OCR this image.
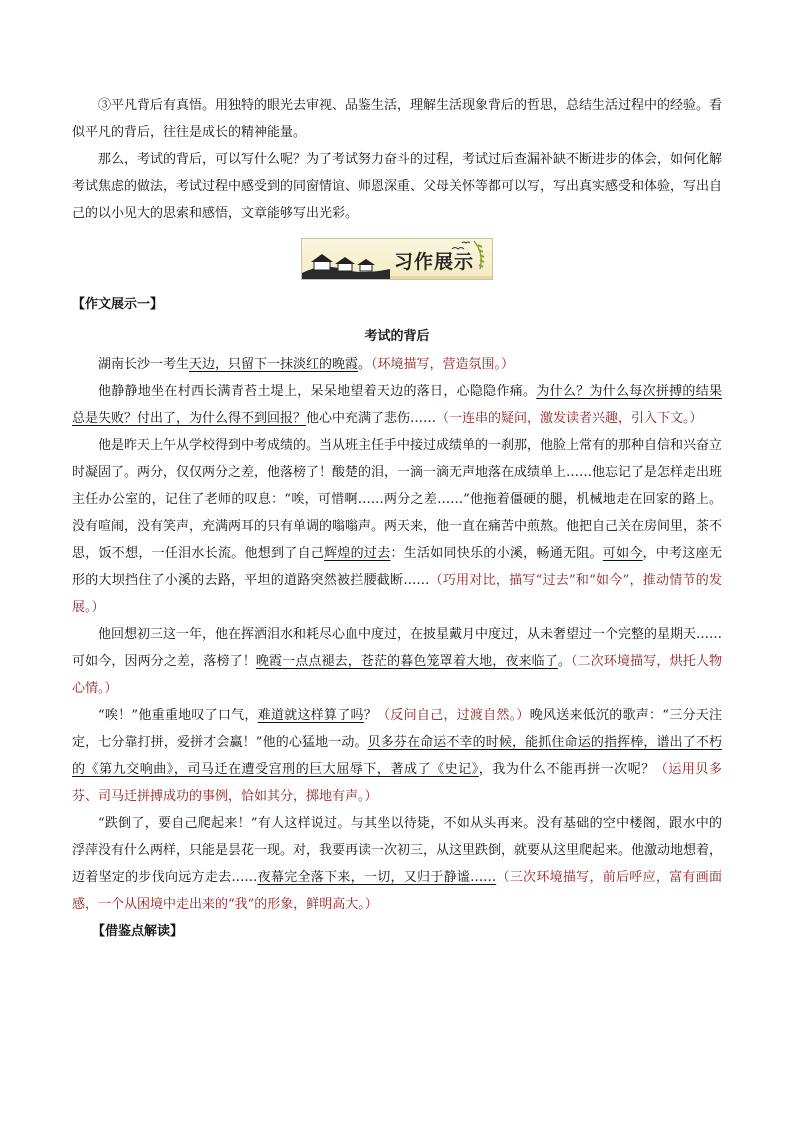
③平凡背后有真悟。用独特的眼光去审视、品鉴生活，理解生活现象背后的哲思，总结生活过程中的经验。看似平凡的背后，往往是成长的精神能量。

那么，考试的背后，可以写什么呢？为了考试努力奋斗的过程，考试过后查漏补缺不断进步的体会，如何化解考试焦虑的做法，考试过程中感受到的同窗情谊、师恩深重、父母关怀等都可以写，写出真实感受和体验，写出自己的以小见大的思索和感悟，文章能够写出光彩。

习作展示

【作文展示一】

考试的背后

湖南长沙一考生天边，只留下一抹淡红的晚霞。（环境描写，营造氛围。）

他静静地坐在村西长满青苔土堤上，呆呆地望着天边的落日，心隐隐作痛。为什么？为什么每次拼搏的结果总是失败？付出了，为什么得不到回报？他心中充满了悲伤……（一连串的疑问，激发读者兴趣，引入下文。）

他是昨天上午从学校得到中考成绩的。当从班主任手中接过成绩单的一刹那，他脸上常有的那种自信和兴奋立时凝固了。两分，仅仅两分之差，他落榜了！酸楚的泪，一滴一滴无声地落在成绩单上……他忘记了是怎样走出班主任办公室的，记住了老师的叹息：“唉，可惜啊……两分之差……”他拖着僵硬的腿，机械地走在回家的路上。没有喧闹，没有笑声，充满两耳的只有单调的嗡嗡声。两天来，他一直在痛苦中煎熬。他把自己关在房间里，茶不思，饭不想，一任泪水长流。他想到了自己辉煌的过去：生活如同快乐的小溪，畅通无阻。可如今，中考这座无形的大坝挡住了小溪的去路，平坦的道路突然被拦腰截断……（巧用对比，描写“过去”和“如今”，推动情节的发展。）

他回想初三这一年，他在挥洒泪水和耗尽心血中度过，在披星戴月中度过，从未奢望过一个完整的星期天……可如今，因两分之差，落榜了！晚霞一点点褪去，苍茫的暮色笼罩着大地，夜来临了。（二次环境描写，烘托人物心情。）

“唉！”他重重地叹了口气，难道就这样算了吗？（反问自己，过渡自然。）晚风送来低沉的歌声：“三分天注定，七分靠打拼，爱拼才会赢！”他的心猛地一动。贝多芬在命运不幸的时候，能抓住命运的指挥棒，谱出了不朽的《第九交响曲》，司马迁在遭受宫刑的巨大屈辱下，著成了《史记》，我为什么不能再拼一次呢？（运用贝多芬、司马迁拼搏成功的事例，恰如其分，掷地有声。）

“跌倒了，要自己爬起来！”有人这样说过。与其坐以待毙，不如从头再来。没有基础的空中楼阁，跟水中的浮萍没有什么两样，只能是昙花一现。对，我要再读一次初三，从这里跌倒，就要从这里爬起来。他激动地想着，迈着坚定的步伐向远方走去……夜幕完全落下来，一切，又归于静谧……（三次环境描写，前后呼应，富有画面感，一个从困境中走出来的“我”的形象，鲜明高大。）

【借鉴点解读】
